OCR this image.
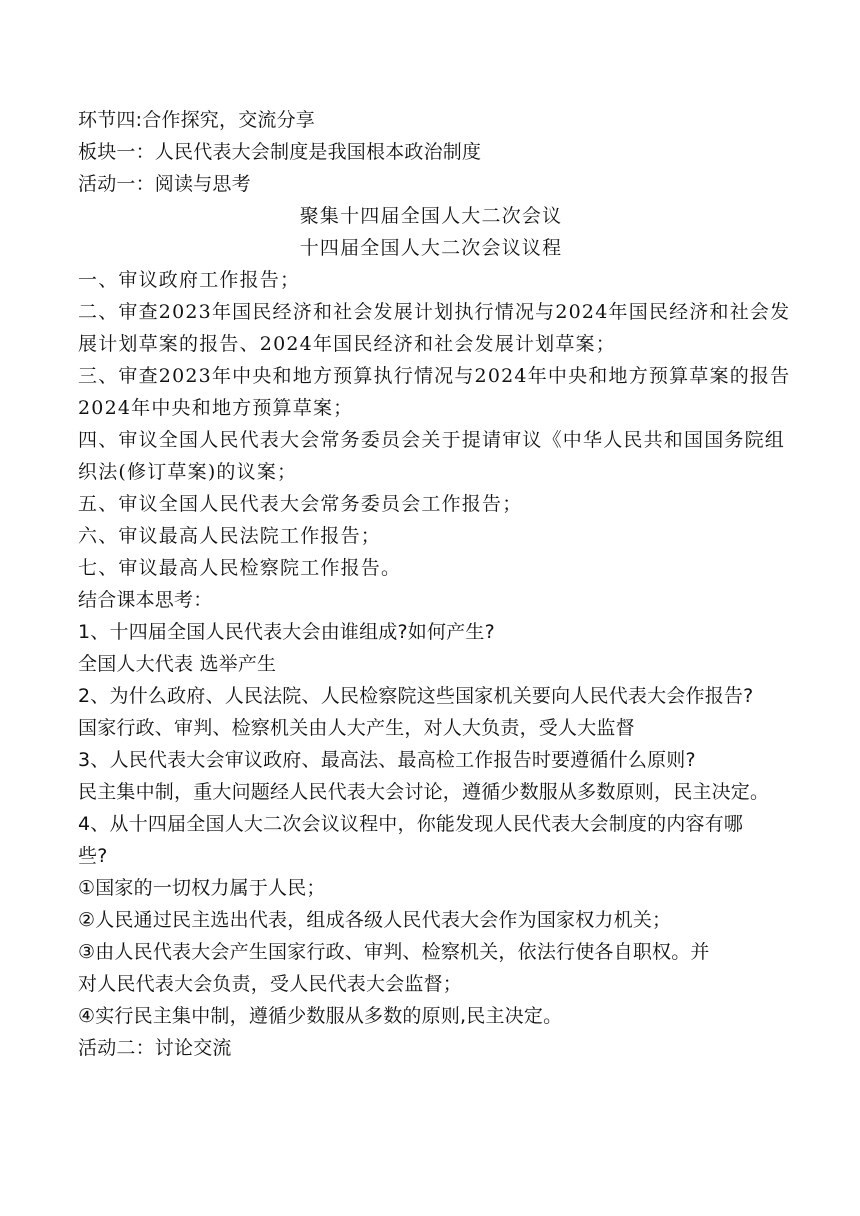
环节四:合作探究，交流分享
板块一：人民代表大会制度是我国根本政治制度
活动一：阅读与思考
聚集十四届全国人大二次会议
十四届全国人大二次会议议程
一、审议政府工作报告；
二、审查2023年国民经济和社会发展计划执行情况与2024年国民经济和社会发
展计划草案的报告、2024年国民经济和社会发展计划草案；
三、审查2023年中央和地方预算执行情况与2024年中央和地方预算草案的报告
2024年中央和地方预算草案；
四、审议全国人民代表大会常务委员会关于提请审议《中华人民共和国国务院组
织法(修订草案)的议案；
五、审议全国人民代表大会常务委员会工作报告；
六、审议最高人民法院工作报告；
七、审议最高人民检察院工作报告。
结合课本思考：
1、十四届全国人民代表大会由谁组成?如何产生?
全国人大代表 选举产生
2、为什么政府、人民法院、人民检察院这些国家机关要向人民代表大会作报告?
国家行政、审判、检察机关由人大产生，对人大负责，受人大监督
3、人民代表大会审议政府、最高法、最高检工作报告时要遵循什么原则?
民主集中制，重大问题经人民代表大会讨论，遵循少数服从多数原则，民主决定。
4、从十四届全国人大二次会议议程中，你能发现人民代表大会制度的内容有哪
些?
①国家的一切权力属于人民；
②人民通过民主选出代表，组成各级人民代表大会作为国家权力机关；
③由人民代表大会产生国家行政、审判、检察机关，依法行使各自职权。并
对人民代表大会负责，受人民代表大会监督；
④实行民主集中制，遵循少数服从多数的原则,民主决定。
活动二：讨论交流
